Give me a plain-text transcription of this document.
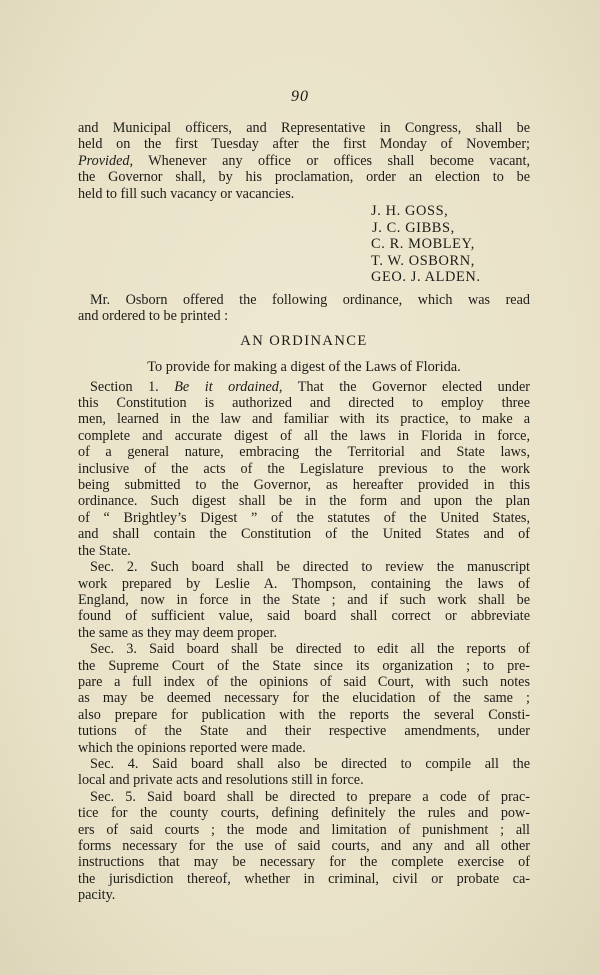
90
and Municipal officers, and Representative in Congress, shall be
held on the first Tuesday after the first Monday of November;
Provided, Whenever any office or offices shall become vacant,
the Governor shall, by his proclamation, order an election to be
held to fill such vacancy or vacancies.
J. H. GOSS,
J. C. GIBBS,
C. R. MOBLEY,
T. W. OSBORN,
GEO. J. ALDEN.
Mr. Osborn offered the following ordinance, which was read
and ordered to be printed :
AN ORDINANCE
To provide for making a digest of the Laws of Florida.
Section 1. Be it ordained, That the Governor elected under
this Constitution is authorized and directed to employ three
men, learned in the law and familiar with its practice, to make a
complete and accurate digest of all the laws in Florida in force,
of a general nature, embracing the Territorial and State laws,
inclusive of the acts of the Legislature previous to the work
being submitted to the Governor, as hereafter provided in this
ordinance. Such digest shall be in the form and upon the plan
of “ Brightley’s Digest ” of the statutes of the United States,
and shall contain the Constitution of the United States and of
the State.
Sec. 2. Such board shall be directed to review the manuscript
work prepared by Leslie A. Thompson, containing the laws of
England, now in force in the State ; and if such work shall be
found of sufficient value, said board shall correct or abbreviate
the same as they may deem proper.
Sec. 3. Said board shall be directed to edit all the reports of
the Supreme Court of the State since its organization ; to pre-
pare a full index of the opinions of said Court, with such notes
as may be deemed necessary for the elucidation of the same ;
also prepare for publication with the reports the several Consti-
tutions of the State and their respective amendments, under
which the opinions reported were made.
Sec. 4. Said board shall also be directed to compile all the
local and private acts and resolutions still in force.
Sec. 5. Said board shall be directed to prepare a code of prac-
tice for the county courts, defining definitely the rules and pow-
ers of said courts ; the mode and limitation of punishment ; all
forms necessary for the use of said courts, and any and all other
instructions that may be necessary for the complete exercise of
the jurisdiction thereof, whether in criminal, civil or probate ca-
pacity.
